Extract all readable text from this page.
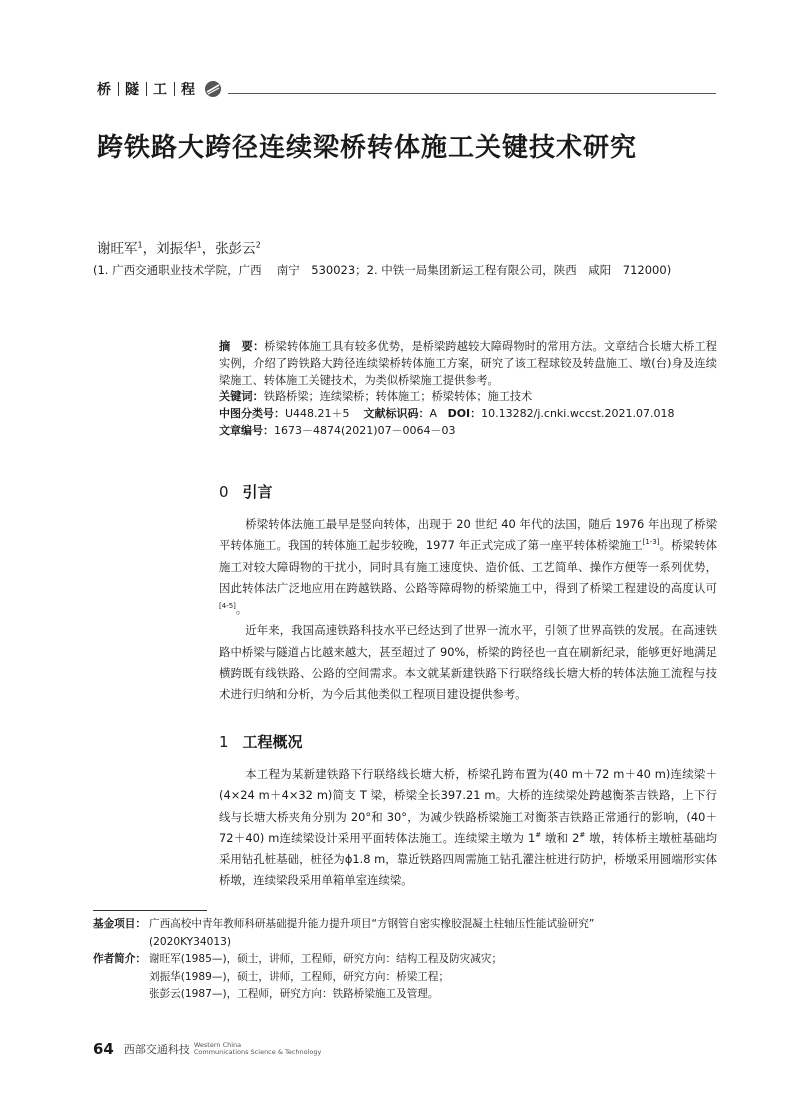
桥 隧 工 程
跨铁路大跨径连续梁桥转体施工关键技术研究
谢旺军$^1$，刘振华$^1$，张彭云$^2$
(1. 广西交通职业技术学院，广西　 南宁　530023；2. 中铁一局集团新运工程有限公司，陕西　咸阳　712000)

摘　要：桥梁转体施工具有较多优势，是桥梁跨越较大障碍物时的常用方法。文章结合长塘大桥工程实例，介绍了跨铁路大跨径连续梁桥转体施工方案，研究了该工程球铰及转盘施工、墩(台)身及连续梁施工、转体施工关键技术，为类似桥梁施工提供参考。

关键词：铁路桥梁；连续梁桥；转体施工；桥梁转体；施工技术

中图分类号：U448.21＋5 文献标识码：A DOI：10.13282/j.cnki.wccst.2021.07.018

文章编号：1673－4874(2021)07－0064－03

0 引言

桥梁转体法施工最早是竖向转体，出现于 20 世纪 40 年代的法国，随后 1976 年出现了桥梁平转体施工。我国的转体施工起步较晚，1977 年正式完成了第一座平转体桥梁施工[1-3]。桥梁转体施工对较大障碍物的干扰小，同时具有施工速度快、造价低、工艺简单、操作方便等一系列优势，因此转体法广泛地应用在跨越铁路、公路等障碍物的桥梁施工中，得到了桥梁工程建设的高度认可[4-5]。

近年来，我国高速铁路科技水平已经达到了世界一流水平，引领了世界高铁的发展。在高速铁路中桥梁与隧道占比越来越大，甚至超过了 90%，桥梁的跨径也一直在刷新纪录，能够更好地满足横跨既有线铁路、公路的空间需求。本文就某新建铁路下行联络线长塘大桥的转体法施工流程与技术进行归纳和分析，为今后其他类似工程项目建设提供参考。

1 工程概况

本工程为某新建铁路下行联络线长塘大桥，桥梁孔跨布置为(40 m＋72 m＋40 m)连续梁＋(4×24 m＋4×32 m)简支 T 梁，桥梁全长397.21 m。大桥的连续梁处跨越衡茶吉铁路，上下行线与长塘大桥夹角分别为 20°和 30°，为减少铁路桥梁施工对衡茶吉铁路正常通行的影响，(40＋72＋40) m连续梁设计采用平面转体法施工。连续梁主墩为 1# 墩和 2# 墩，转体桥主墩桩基础均采用钻孔桩基础，桩径为ϕ1.8 m，靠近铁路四周需施工钻孔灌注桩进行防护，桥墩采用圆端形实体桥墩，连续梁段采用单箱单室连续梁。

基金项目： 广西高校中青年教师科研基础提升能力提升项目“方钢管自密实橡胶混凝土柱轴压性能试验研究”
(2020KY34013)
作者简介： 谢旺军(1985—)，硕士，讲师，工程师，研究方向：结构工程及防灾减灾；
刘振华(1989—)，硕士，讲师，工程师，研究方向：桥梁工程；
张彭云(1987—)，工程师，研究方向：铁路桥梁施工及管理。
64 西部交通科技 Western China
Communications Science & Technology
